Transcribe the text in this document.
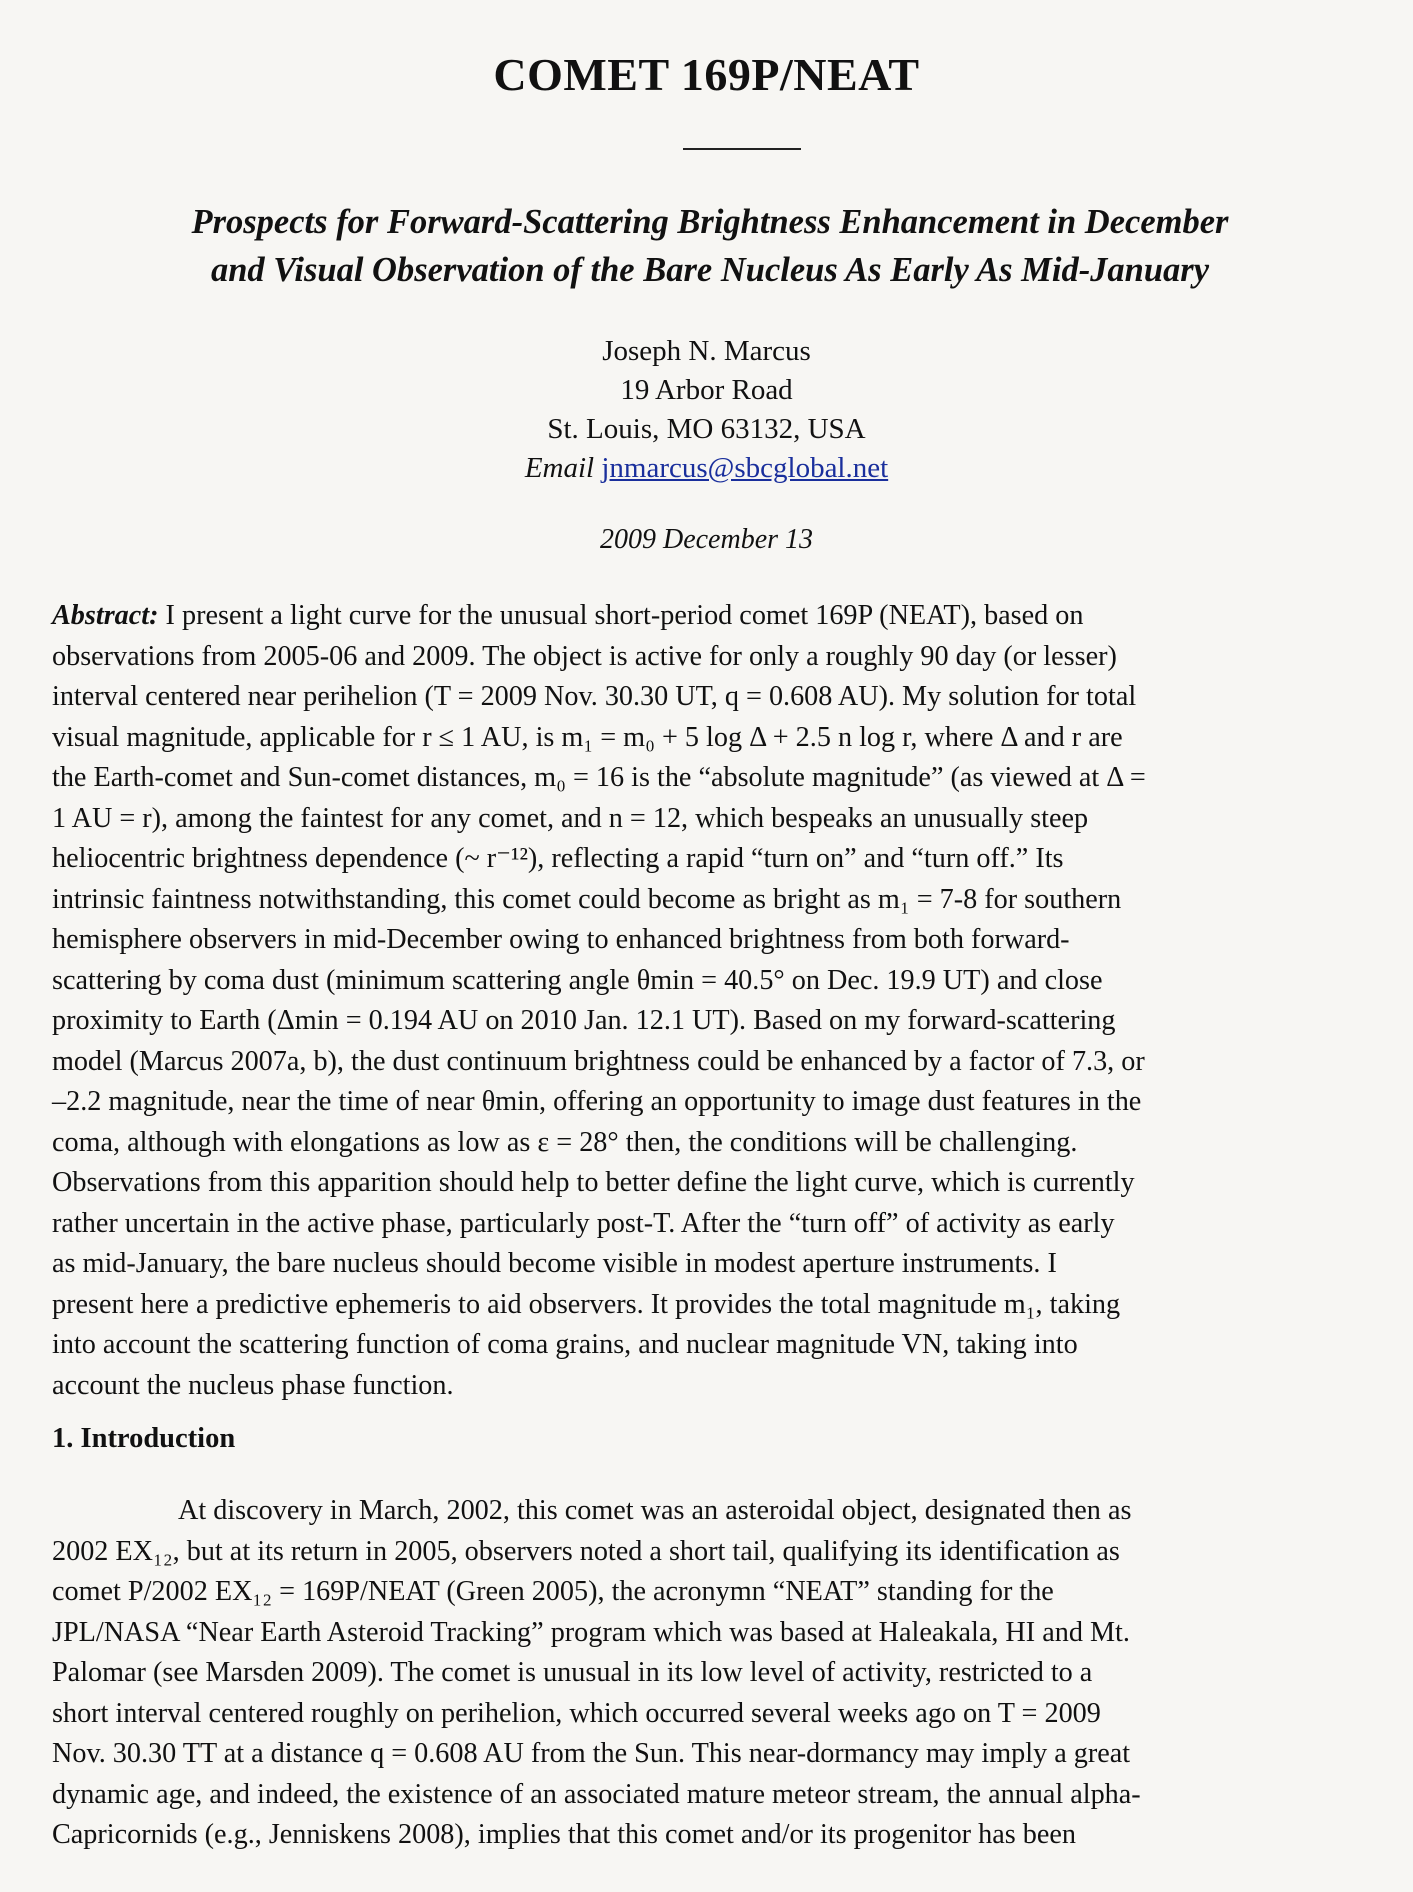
COMET 169P/NEAT
Prospects for Forward-Scattering Brightness Enhancement in December
and Visual Observation of the Bare Nucleus As Early As Mid-January
Joseph N. Marcus
19 Arbor Road
St. Louis, MO 63132, USA
Email jnmarcus@sbcglobal.net
2009 December 13
Abstract: I present a light curve for the unusual short-period comet 169P (NEAT), based on
observations from 2005-06 and 2009. The object is active for only a roughly 90 day (or lesser)
interval centered near perihelion (T = 2009 Nov. 30.30 UT, q = 0.608 AU). My solution for total
visual magnitude, applicable for r ≤ 1 AU, is m₁ = m₀ + 5 log Δ + 2.5 n log r, where Δ and r are
the Earth-comet and Sun-comet distances, m₀ = 16 is the “absolute magnitude” (as viewed at Δ =
1 AU = r), among the faintest for any comet, and n = 12, which bespeaks an unusually steep
heliocentric brightness dependence (~ r⁻¹²), reflecting a rapid “turn on” and “turn off.” Its
intrinsic faintness notwithstanding, this comet could become as bright as m₁ = 7-8 for southern
hemisphere observers in mid-December owing to enhanced brightness from both forward-
scattering by coma dust (minimum scattering angle θmin = 40.5° on Dec. 19.9 UT) and close
proximity to Earth (Δmin = 0.194 AU on 2010 Jan. 12.1 UT). Based on my forward-scattering
model (Marcus 2007a, b), the dust continuum brightness could be enhanced by a factor of 7.3, or
–2.2 magnitude, near the time of near θmin, offering an opportunity to image dust features in the
coma, although with elongations as low as ε = 28° then, the conditions will be challenging.
Observations from this apparition should help to better define the light curve, which is currently
rather uncertain in the active phase, particularly post-T. After the “turn off” of activity as early
as mid-January, the bare nucleus should become visible in modest aperture instruments. I
present here a predictive ephemeris to aid observers. It provides the total magnitude m₁, taking
into account the scattering function of coma grains, and nuclear magnitude VN, taking into
account the nucleus phase function.
1. Introduction
At discovery in March, 2002, this comet was an asteroidal object, designated then as
2002 EX₁₂, but at its return in 2005, observers noted a short tail, qualifying its identification as
comet P/2002 EX₁₂ = 169P/NEAT (Green 2005), the acronymn “NEAT” standing for the
JPL/NASA “Near Earth Asteroid Tracking” program which was based at Haleakala, HI and Mt.
Palomar (see Marsden 2009). The comet is unusual in its low level of activity, restricted to a
short interval centered roughly on perihelion, which occurred several weeks ago on T = 2009
Nov. 30.30 TT at a distance q = 0.608 AU from the Sun. This near-dormancy may imply a great
dynamic age, and indeed, the existence of an associated mature meteor stream, the annual alpha-
Capricornids (e.g., Jenniskens 2008), implies that this comet and/or its progenitor has been
